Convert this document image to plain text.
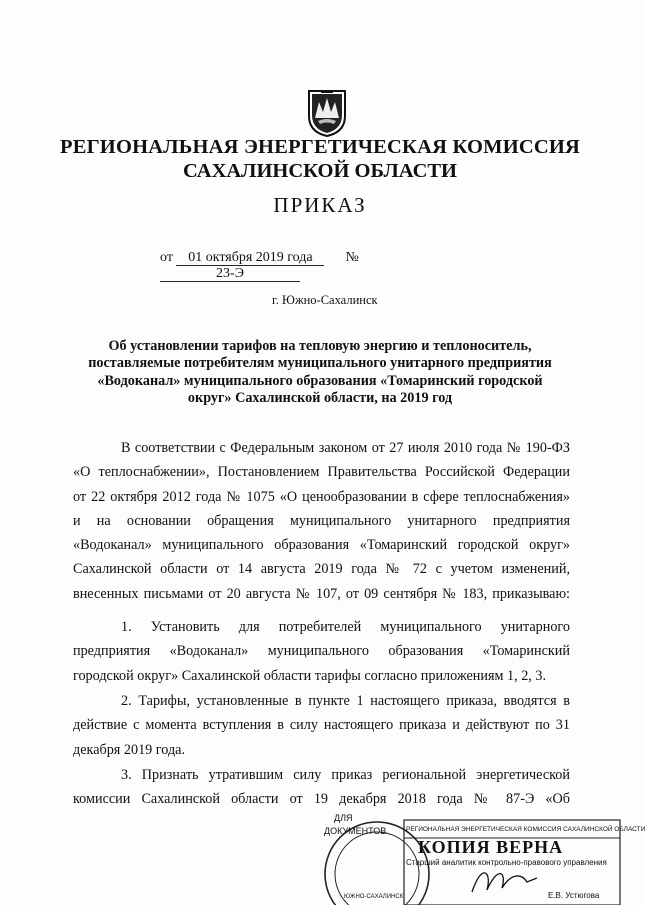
РЕГИОНАЛЬНАЯ ЭНЕРГЕТИЧЕСКАЯ КОМИССИЯ
САХАЛИНСКОЙ ОБЛАСТИ
ПРИКАЗ
от 01 октября 2019 года № 23-Э
г. Южно-Сахалинск
Об установлении тарифов на тепловую энергию и теплоноситель,
поставляемые потребителям муниципального унитарного предприятия
«Водоканал» муниципального образования «Томаринский городской
округ» Сахалинской области, на 2019 год
В соответствии с Федеральным законом от 27 июля 2010 года № 190-ФЗ
«О теплоснабжении», Постановлением Правительства Российской Федерации
от 22 октября 2012 года № 1075 «О ценообразовании в сфере теплоснабжения»
и на основании обращения муниципального унитарного предприятия
«Водоканал» муниципального образования «Томаринский городской округ»
Сахалинской области от 14 августа 2019 года № 72 с учетом изменений,
внесенных письмами от 20 августа № 107, от 09 сентября № 183, приказываю:
1. Установить для потребителей муниципального унитарного
предприятия «Водоканал» муниципального образования «Томаринский
городской округ» Сахалинской области тарифы согласно приложениям 1, 2, 3.
2. Тарифы, установленные в пункте 1 настоящего приказа, вводятся в
действие с момента вступления в силу настоящего приказа и действуют по 31
декабря 2019 года.
3. Признать утратившим силу приказ региональной энергетической
комиссии Сахалинской области от 19 декабря 2018 года № 87-Э «Об
РЕГИОНАЛЬНАЯ ЭНЕРГЕТИЧЕСКАЯ КОМИССИЯ САХАЛИНСКОЙ ОБЛАСТИ
ДЛЯ
ДОКУМЕНТОВ
ЮЖНО-САХАЛИНСК
КОПИЯ ВЕРНА
Старший аналитик контрольно-правового управления
Е.В. Устюгова
